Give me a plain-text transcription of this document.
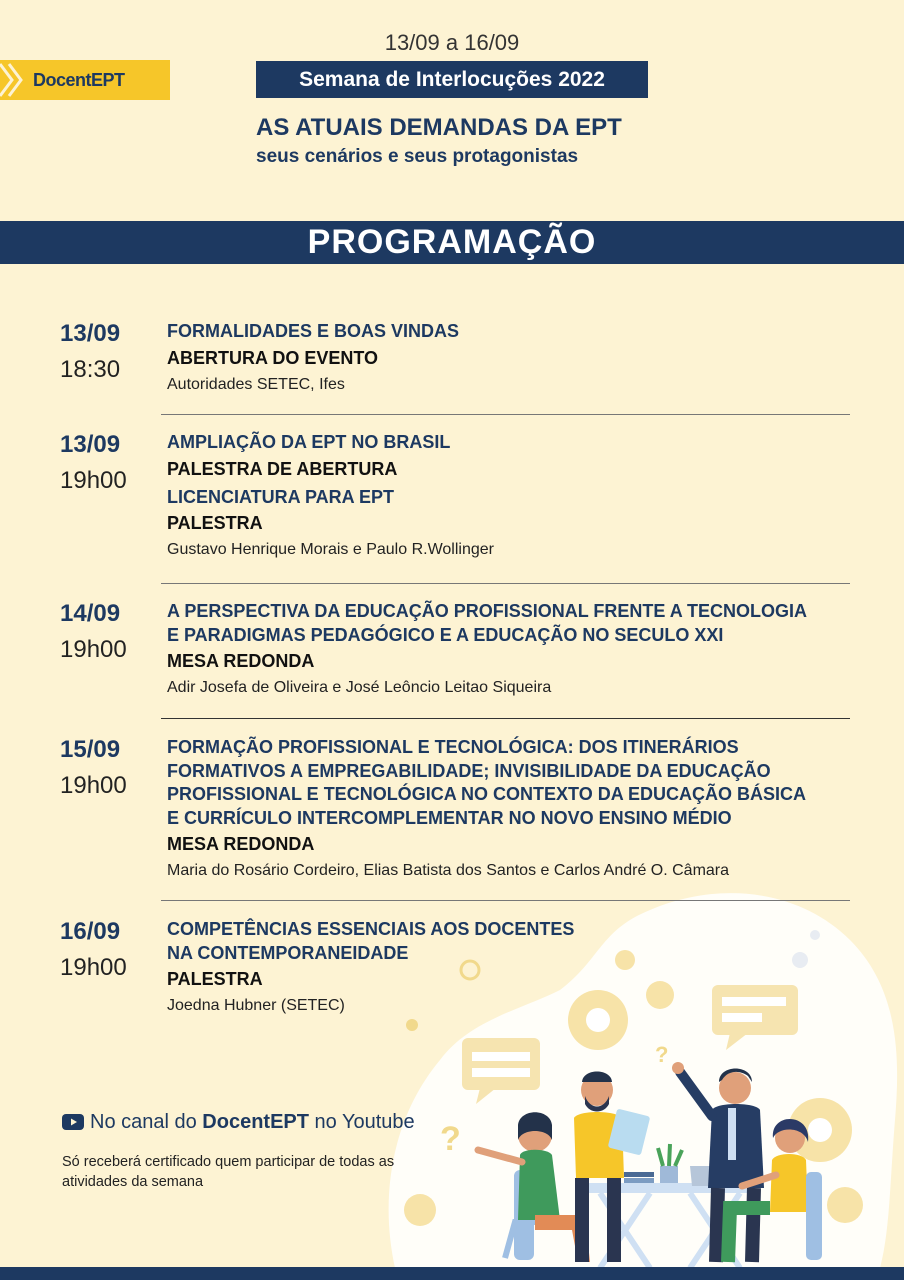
?
?
DocentEPT
13/09 a 16/09
Semana de Interlocuções 2022
AS ATUAIS DEMANDAS DA EPT
seus cenários e seus protagonistas
PROGRAMAÇÃO
13/09
18:30
FORMALIDADES E BOAS VINDAS
ABERTURA DO EVENTO
Autoridades SETEC, Ifes
13/09
19h00
AMPLIAÇÃO DA EPT NO BRASIL
PALESTRA DE ABERTURA
LICENCIATURA PARA EPT
PALESTRA
Gustavo Henrique Morais e Paulo R.Wollinger
14/09
19h00
A PERSPECTIVA DA EDUCAÇÃO PROFISSIONAL FRENTE A TECNOLOGIA
E PARADIGMAS PEDAGÓGICO E A EDUCAÇÃO NO SECULO XXI
MESA REDONDA
Adir Josefa de Oliveira e José Leôncio Leitao Siqueira
15/09
19h00
FORMAÇÃO PROFISSIONAL E TECNOLÓGICA: DOS ITINERÁRIOS
FORMATIVOS A EMPREGABILIDADE; INVISIBILIDADE DA EDUCAÇÃO
PROFISSIONAL E TECNOLÓGICA NO CONTEXTO DA EDUCAÇÃO BÁSICA
E CURRÍCULO INTERCOMPLEMENTAR NO NOVO ENSINO MÉDIO
MESA REDONDA
Maria do Rosário Cordeiro, Elias Batista dos Santos e Carlos André O. Câmara
16/09
19h00
COMPETÊNCIAS ESSENCIAIS AOS DOCENTES
NA CONTEMPORANEIDADE
PALESTRA
Joedna Hubner (SETEC)
No canal do DocentEPT no Youtube
Só receberá certificado quem participar de todas as atividades da semana
